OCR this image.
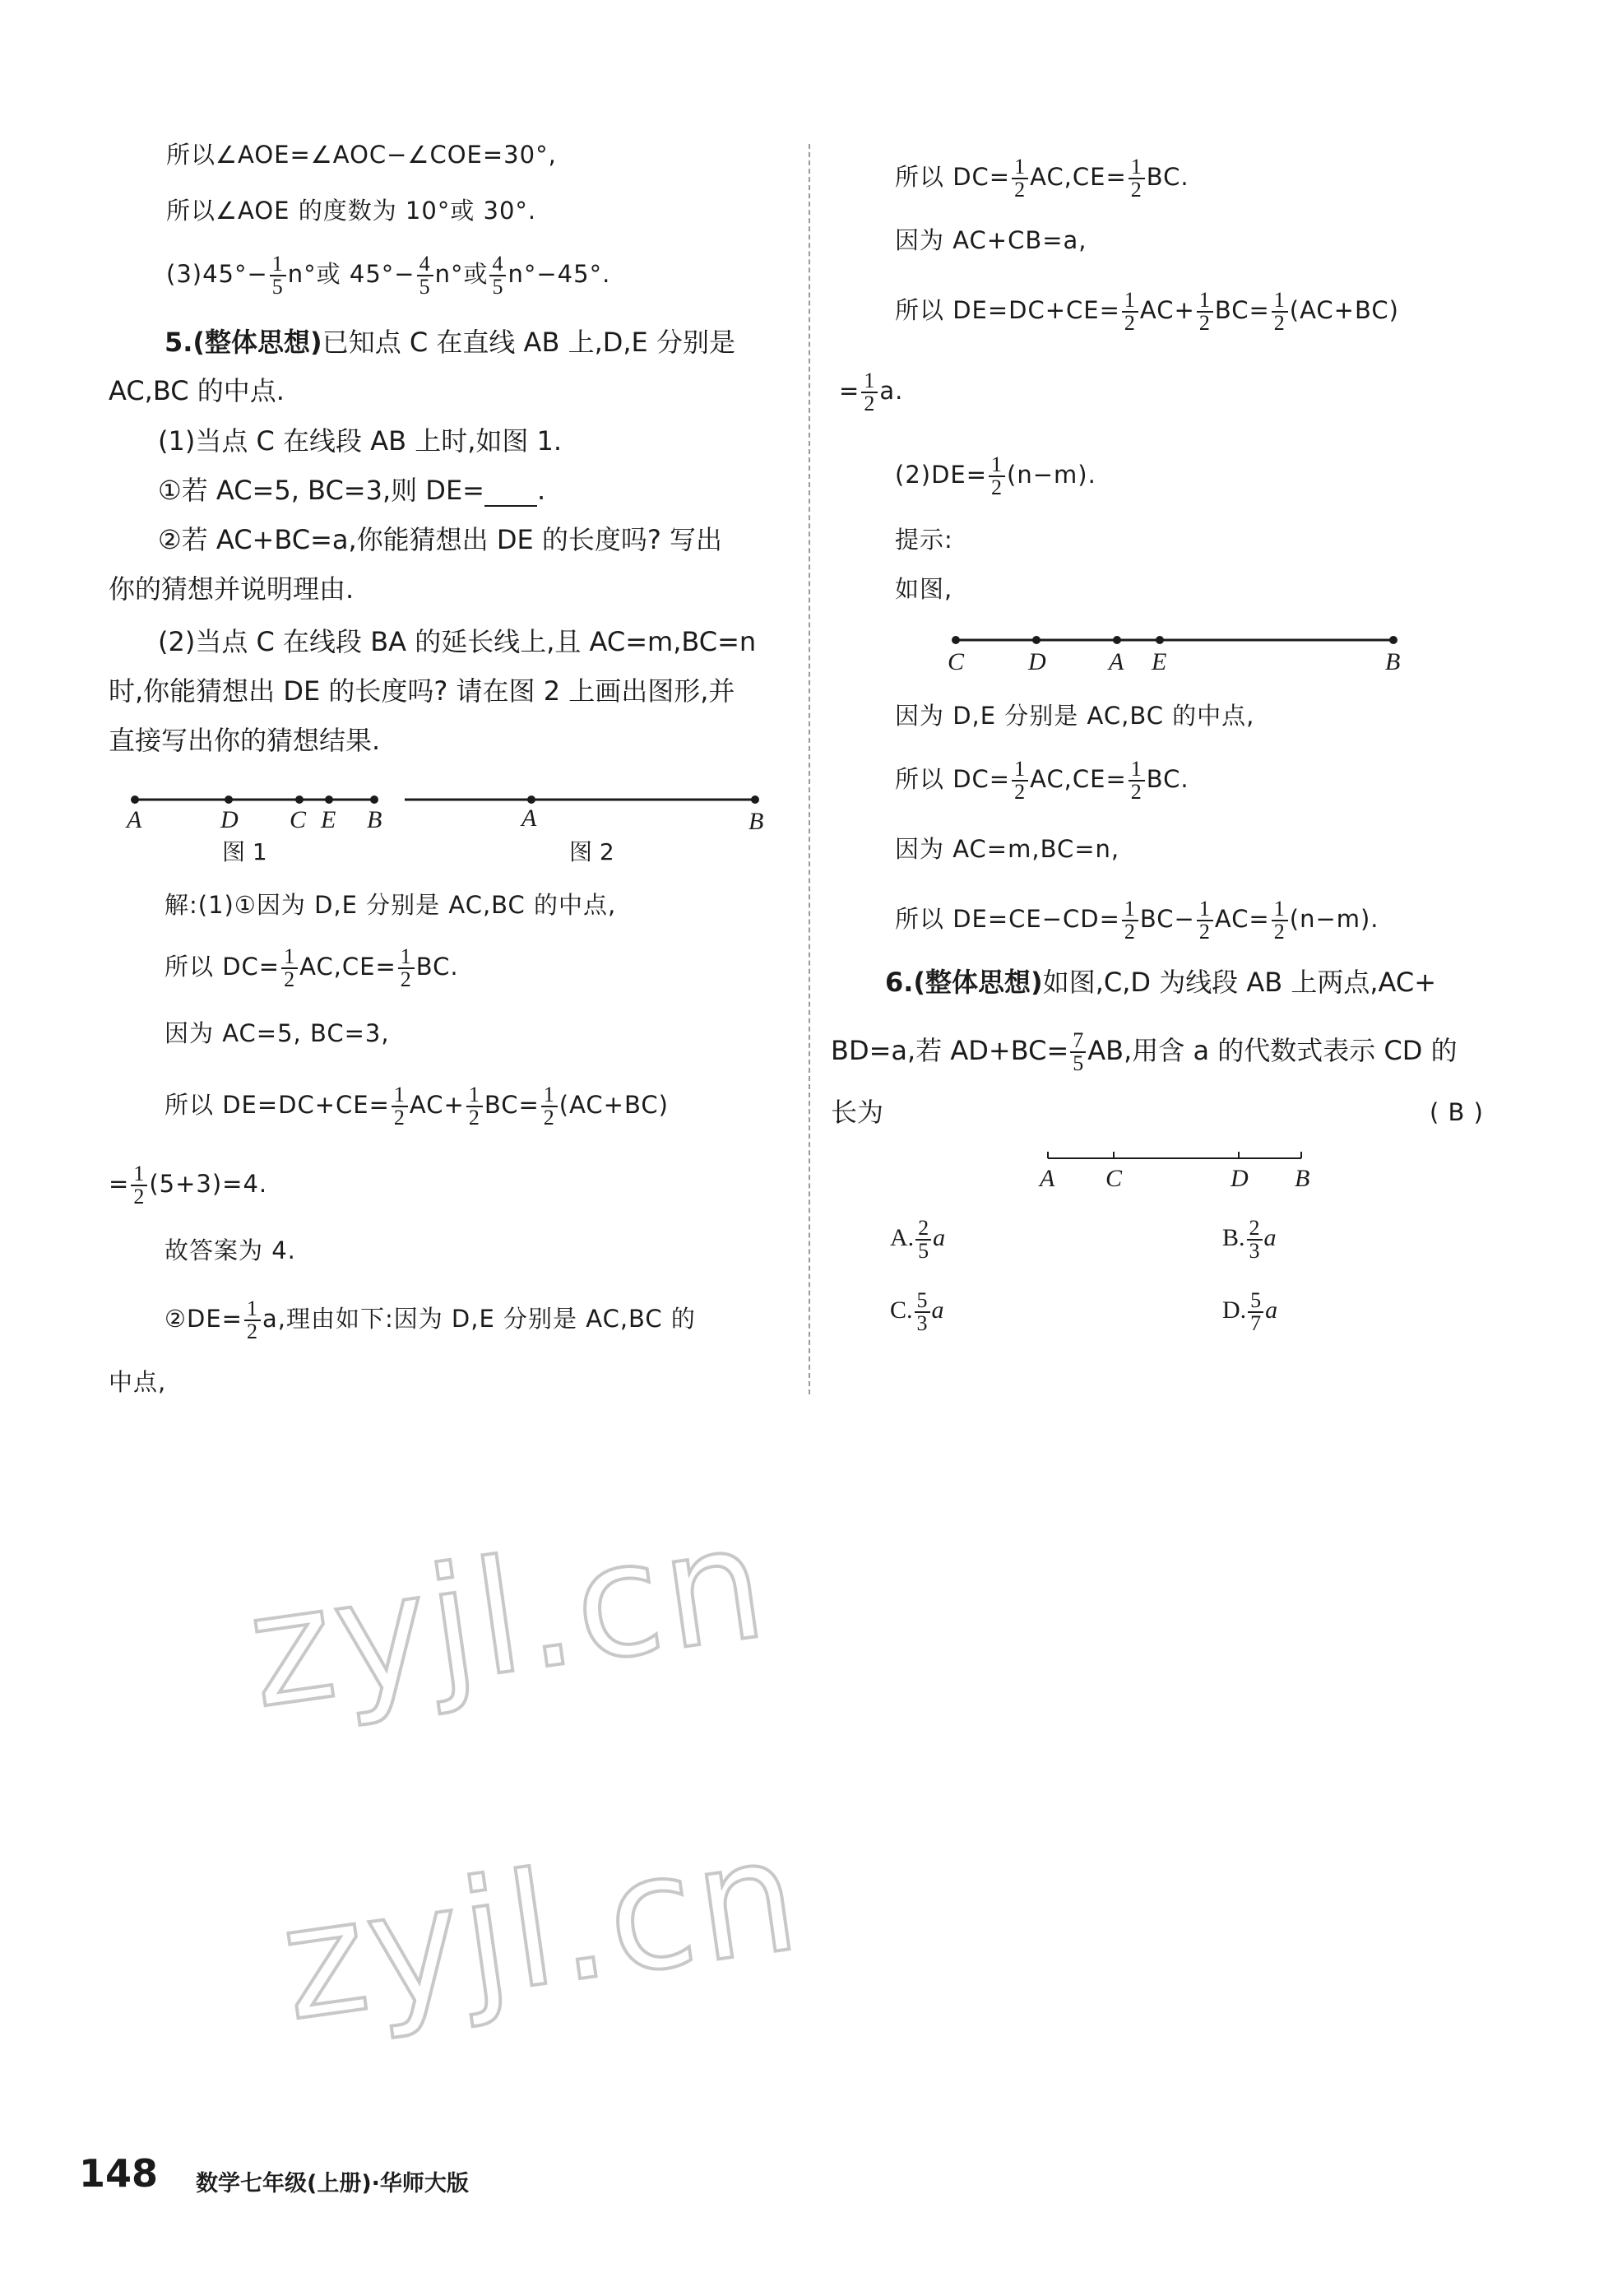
所以∠AOE=∠AOC−∠COE=30°,
所以∠AOE 的度数为 10°或 30°.
$(3)45^\circ- \frac{1}{5} n^\circ$或 $45^\circ- \frac{4}{5} n^\circ$或 $\frac{4}{5} n^\circ-45^\circ$.
5.(整体思想)已知点 C 在直线 AB 上,D,E 分别是
AC,BC 的中点.
(1)当点 C 在线段 AB 上时,如图 1.
①若 AC=5, BC=3,则 DE= .
②若 AC+BC=a,你能猜想出 DE 的长度吗? 写出
你的猜想并说明理由.
(2)当点 C 在线段 BA 的延长线上,且 AC=m,BC=n
时,你能猜想出 DE 的长度吗? 请在图 2 上画出图形,并
直接写出你的猜想结果.
A	D C E B
图 1
A	B
图 2
解:(1)①因为 D,E 分别是 AC,BC 的中点,
所以 $DC= \frac{1}{2} AC,CE= \frac{1}{2}$ BC.
因为 AC=5, BC=3,
所以 $DE=DC+CE= \frac{1}{2} AC+ \frac{1}{2} BC= \frac{1}{2} (AC+BC)$
= $\frac{1}{2} (5+3)=4$.
故答案为 4.
②DE= $\frac{1}{2} a$,理由如下:因为 D,E 分别是 AC,BC 的
中点,
所以 $DC= \frac{1}{2} AC,CE= \frac{1}{2}$ BC.
因为 AC+CB=a,
所以 $DE=DC+CE= \frac{1}{2} AC+ \frac{1}{2} BC= \frac{1}{2} (AC+BC)$
= $\frac{1}{2} a$.
$(2)DE= \frac{1}{2} (n-m)$.
提示:
如图,
C	D	A E	B
因为 D,E 分别是 AC,BC 的中点,
所以 $DC= \frac{1}{2} AC,CE= \frac{1}{2}$ BC.
因为 AC=m,BC=n,
所以 $DE=CE-CD= \frac{1}{2} BC- \frac{1}{2} AC= \frac{1}{2} (n-m)$.
6.(整体思想)如图,C,D 为线段 AB 上两点,AC+
BD=a,若 $AD+BC= \frac{7}{5}$ AB,用含 a 的代数式表示 CD 的
长为	( B )
A C	D B
A. $\frac{2}{5}$ a	B. $\frac{2}{3}$ a
C. $\frac{5}{3}$ a	D. $\frac{5}{7}$ a
zyjl.cn
zyjl.cn
148 数学七年级(上册)·华师大版
